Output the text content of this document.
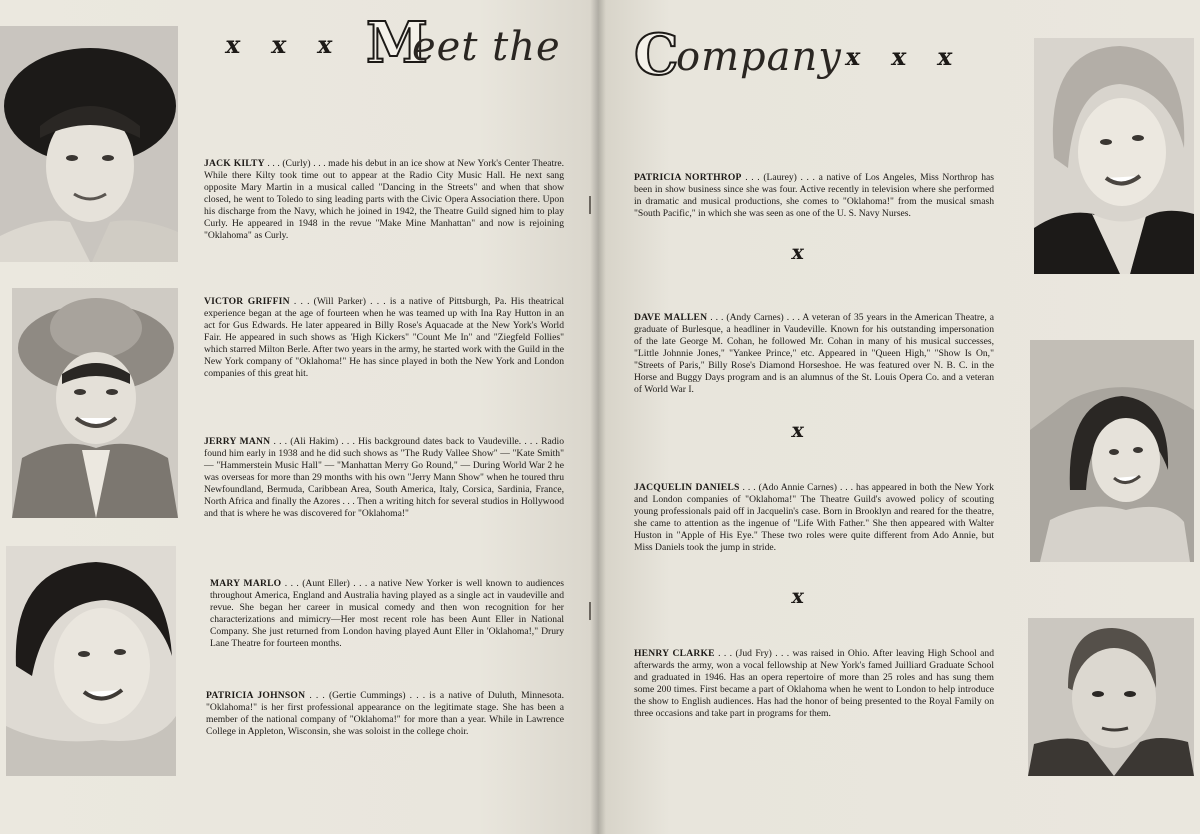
x x x M
eet the C
ompany x x x
JACK KILTY . . . (Curly) . . . made his debut in an ice show at New York's Center Theatre. While there Kilty took time out to appear at the Radio City Music Hall. He next sang opposite Mary Martin in a musical called "Dancing in the Streets" and when that show closed, he went to Toledo to sing leading parts with the Civic Opera Association there. Upon his discharge from the Navy, which he joined in 1942, the Theatre Guild signed him to play Curly. He appeared in 1948 in the revue "Make Mine Manhattan" and now is rejoining "Oklahoma" as Curly.
VICTOR GRIFFIN . . . (Will Parker) . . . is a native of Pittsburgh, Pa. His theatrical experience began at the age of fourteen when he was teamed up with Ina Ray Hutton in an act for Gus Edwards. He later appeared in Billy Rose's Aquacade at the New York's World Fair. He appeared in such shows as 'High Kickers" "Count Me In" and "Ziegfeld Follies" which starred Milton Berle. After two years in the army, he started work with the Guild in the New York company of "Oklahoma!" He has since played in both the New York and London companies of this great hit.
JERRY MANN . . . (Ali Hakim) . . . His background dates back to Vaudeville. . . . Radio found him early in 1938 and he did such shows as "The Rudy Vallee Show" — "Kate Smith" — "Hammerstein Music Hall" — "Manhattan Merry Go Round," — During World War 2 he was overseas for more than 29 months with his own "Jerry Mann Show" when he toured thru Newfoundland, Bermuda, Caribbean Area, South America, Italy, Corsica, Sardinia, France, North Africa and finally the Azores . . . Then a writing hitch for several studios in Hollywood and that is where he was discovered for "Oklahoma!"
MARY MARLO . . . (Aunt Eller) . . . a native New Yorker is well known to audiences throughout America, England and Australia having played as a single act in vaudeville and revue. She began her career in musical comedy and then won recognition for her characterizations and mimicry—Her most recent role has been Aunt Eller in National Company. She just returned from London having played Aunt Eller in 'Oklahoma!," Drury Lane Theatre for fourteen months.
PATRICIA JOHNSON . . . (Gertie Cummings) . . . is a native of Duluth, Minnesota. "Oklahoma!" is her first professional appearance on the legitimate stage. She has been a member of the national company of "Oklahoma!" for more than a year. While in Lawrence College in Appleton, Wisconsin, she was soloist in the college choir.
PATRICIA NORTHROP . . . (Laurey) . . . a native of Los Angeles, Miss Northrop has been in show business since she was four. Active recently in television where she performed in dramatic and musical productions, she comes to "Oklahoma!" from the musical smash "South Pacific," in which she was seen as one of the U. S. Navy Nurses.
x
DAVE MALLEN . . . (Andy Carnes) . . . A veteran of 35 years in the American Theatre, a graduate of Burlesque, a headliner in Vaudeville. Known for his outstanding impersonation of the late George M. Cohan, he followed Mr. Cohan in many of his musical successes, "Little Johnnie Jones," "Yankee Prince," etc. Appeared in "Queen High," "Show Is On," "Streets of Paris," Billy Rose's Diamond Horseshoe. He was featured over N. B. C. in the Horse and Buggy Days program and is an alumnus of the St. Louis Opera Co. and a veteran of World War I.
x
JACQUELIN DANIELS . . . (Ado Annie Carnes) . . . has appeared in both the New York and London companies of "Oklahoma!" The Theatre Guild's avowed policy of scouting young professionals paid off in Jacquelin's case. Born in Brooklyn and reared for the theatre, she came to attention as the ingenue of "Life With Father." She then appeared with Walter Huston in "Apple of His Eye." These two roles were quite different from Ado Annie, but Miss Daniels took the jump in stride.
x
HENRY CLARKE . . . (Jud Fry) . . . was raised in Ohio. After leaving High School and afterwards the army, won a vocal fellowship at New York's famed Juilliard Graduate School and graduated in 1946. Has an opera repertoire of more than 25 roles and has sung them some 200 times. First became a part of Oklahoma when he went to London to help introduce the show to English audiences. Has had the honor of being presented to the Royal Family on three occasions and take part in programs for them.
